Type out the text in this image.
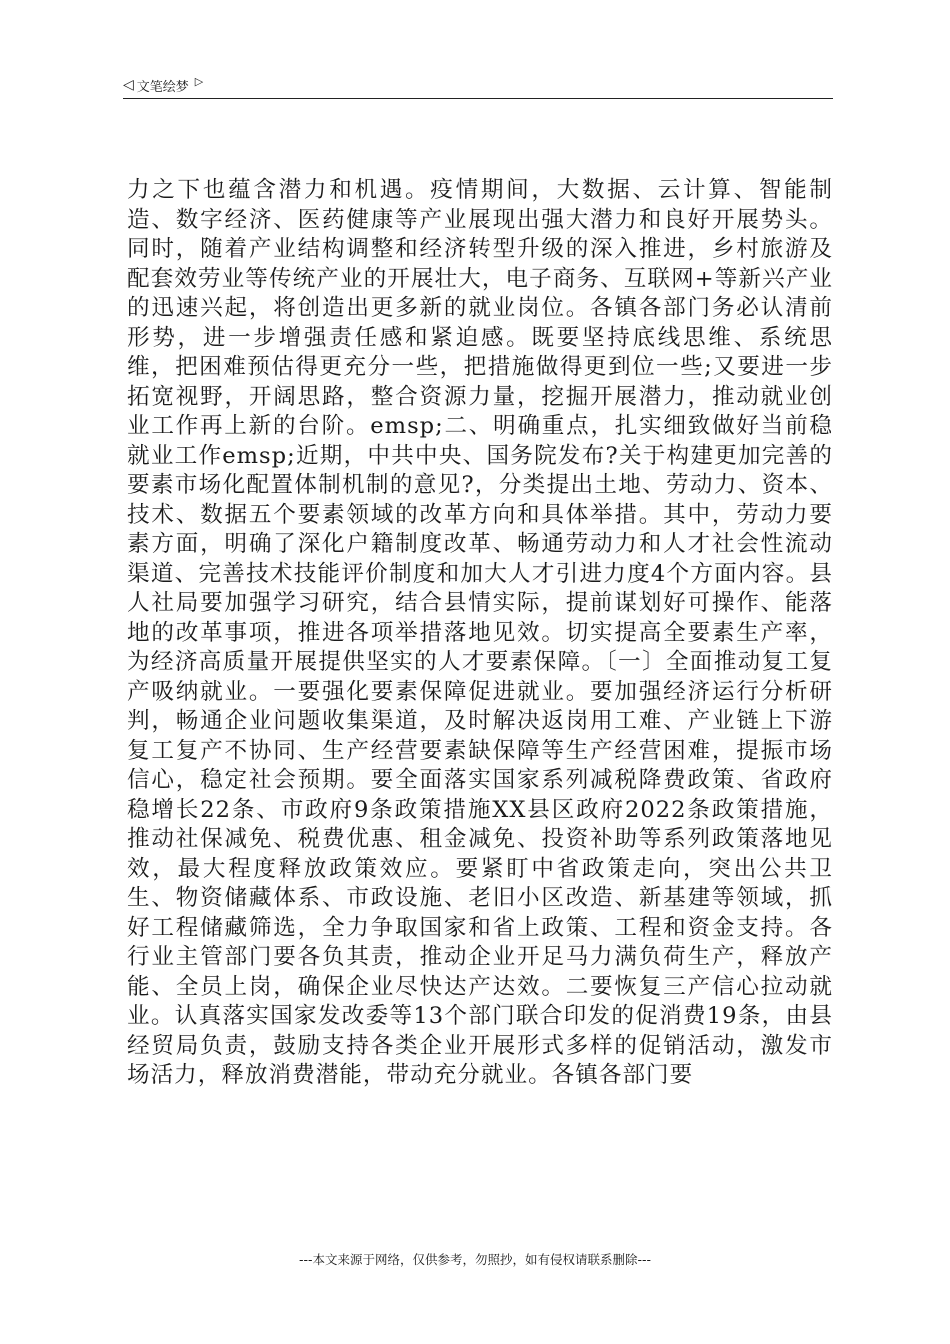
◁ 文笔绘梦 ▷

力之下也蕴含潜力和机遇。疫情期间，大数据、云计算、智能制造、数字经济、医药健康等产业展现出强大潜力和良好开展势头。同时，随着产业结构调整和经济转型升级的深入推进，乡村旅游及配套效劳业等传统产业的开展壮大，电子商务、互联网+等新兴产业的迅速兴起，将创造出更多新的就业岗位。各镇各部门务必认清前形势，进一步增强责任感和紧迫感。既要坚持底线思维、系统思维，把困难预估得更充分一些，把措施做得更到位一些;又要进一步拓宽视野，开阔思路，整合资源力量，挖掘开展潜力，推动就业创业工作再上新的台阶。emsp;二、明确重点，扎实细致做好当前稳就业工作emsp;近期，中共中央、国务院发布?关于构建更加完善的要素市场化配置体制机制的意见?，分类提出土地、劳动力、资本、技术、数据五个要素领域的改革方向和具体举措。其中，劳动力要素方面，明确了深化户籍制度改革、畅通劳动力和人才社会性流动渠道、完善技术技能评价制度和加大人才引进力度4个方面内容。县人社局要加强学习研究，结合县情实际，提前谋划好可操作、能落地的改革事项，推进各项举措落地见效。切实提高全要素生产率，为经济高质量开展提供坚实的人才要素保障。〔一〕全面推动复工复产吸纳就业。一要强化要素保障促进就业。要加强经济运行分析研判，畅通企业问题收集渠道，及时解决返岗用工难、产业链上下游复工复产不协同、生产经营要素缺保障等生产经营困难，提振市场信心，稳定社会预期。要全面落实国家系列减税降费政策、省政府稳增长22条、市政府9条政策措施XX县区政府2022条政策措施，推动社保减免、税费优惠、租金减免、投资补助等系列政策落地见效，最大程度释放政策效应。要紧盯中省政策走向，突出公共卫生、物资储藏体系、市政设施、老旧小区改造、新基建等领域，抓好工程储藏筛选，全力争取国家和省上政策、工程和资金支持。各行业主管部门要各负其责，推动企业开足马力满负荷生产，释放产能、全员上岗，确保企业尽快达产达效。二要恢复三产信心拉动就业。认真落实国家发改委等13个部门联合印发的促消费19条，由县经贸局负责，鼓励支持各类企业开展形式多样的促销活动，激发市场活力，释放消费潜能，带动充分就业。各镇各部门要

---本文来源于网络，仅供参考，勿照抄，如有侵权请联系删除---
